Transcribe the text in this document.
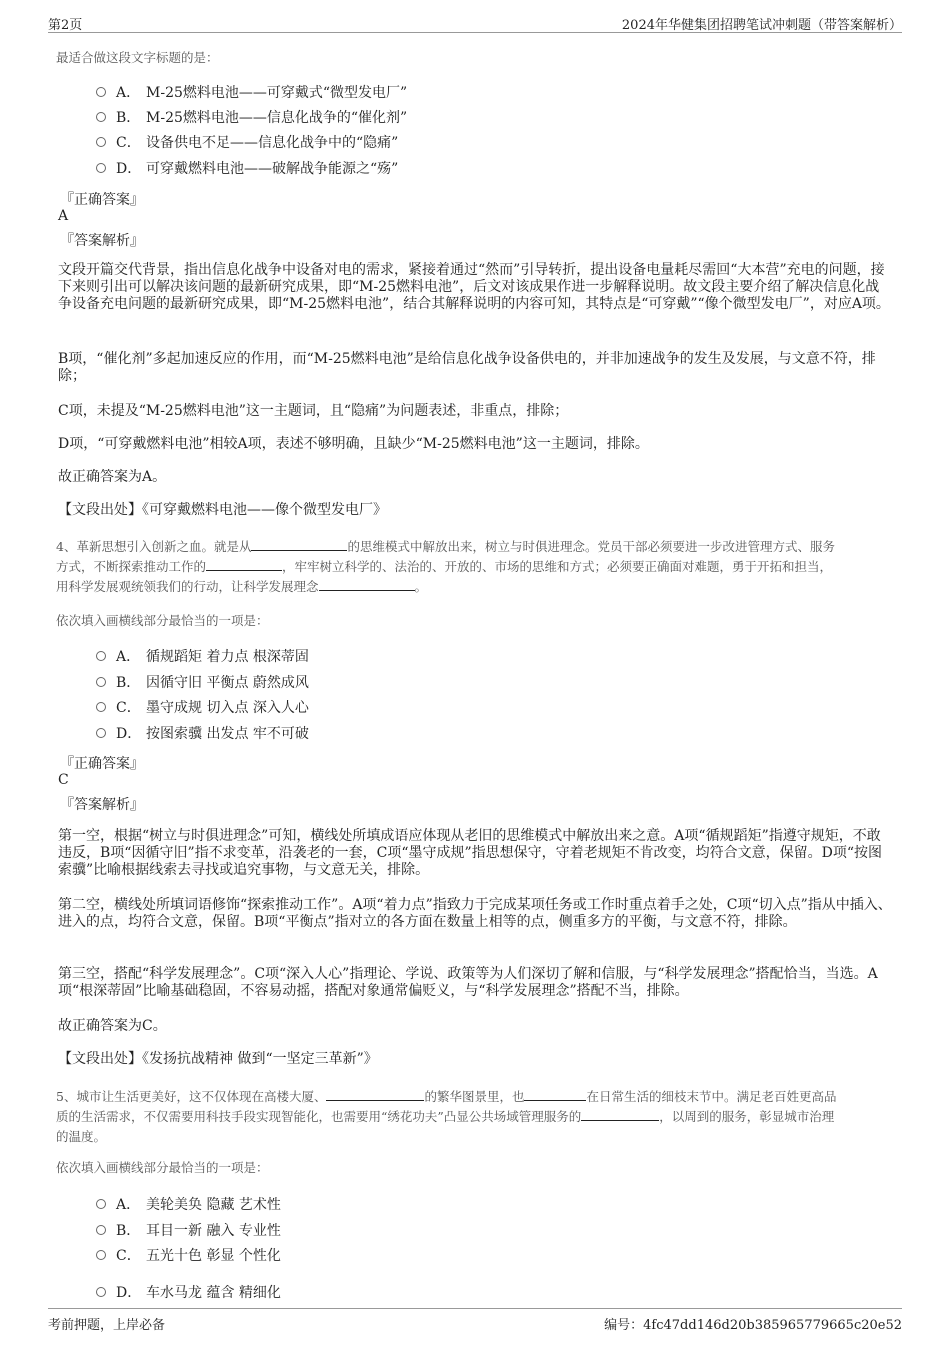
第2页	2024年华健集团招聘笔试冲刺题（带答案解析）
最适合做这段文字标题的是：
A． M-25燃料电池——可穿戴式“微型发电厂”
B． M-25燃料电池——信息化战争的“催化剂”
C． 设备供电不足——信息化战争中的“隐痛”
D． 可穿戴燃料电池——破解战争能源之“殇”
『正确答案』
A
『答案解析』
文段开篇交代背景，指出信息化战争中设备对电的需求，紧接着通过“然而”引导转折，提出设备电量耗尽需回“大本营”充电的问题，接下来则引出可以解决该问题的最新研究成果，即“M-25燃料电池”，后文对该成果作进一步解释说明。故文段主要介绍了解决信息化战争设备充电问题的最新研究成果，即“M-25燃料电池”，结合其解释说明的内容可知，其特点是“可穿戴”“像个微型发电厂”，对应A项。
B项，“催化剂”多起加速反应的作用，而“M-25燃料电池”是给信息化战争设备供电的，并非加速战争的发生及发展，与文意不符，排除；
C项，未提及“M-25燃料电池”这一主题词，且“隐痛”为问题表述，非重点，排除；
D项，“可穿戴燃料电池”相较A项，表述不够明确，且缺少“M-25燃料电池”这一主题词，排除。
故正确答案为A。
【文段出处】《可穿戴燃料电池——像个微型发电厂》
4、革新思想引入创新之血。就是从	的思维模式中解放出来，树立与时俱进理念。党员干部必须要进一步改进管理方式、服务
方式，不断探索推动工作的	，牢牢树立科学的、法治的、开放的、市场的思维和方式；必须要正确面对难题，勇于开拓和担当，
用科学发展观统领我们的行动，让科学发展理念	。
依次填入画横线部分最恰当的一项是：
A． 循规蹈矩 着力点 根深蒂固
B． 因循守旧 平衡点 蔚然成风
C． 墨守成规 切入点 深入人心
D． 按图索骥 出发点 牢不可破
『正确答案』
C
『答案解析』
第一空，根据“树立与时俱进理念”可知，横线处所填成语应体现从老旧的思维模式中解放出来之意。A项“循规蹈矩”指遵守规矩，不敢违反，B项“因循守旧”指不求变革，沿袭老的一套，C项“墨守成规”指思想保守，守着老规矩不肯改变，均符合文意，保留。D项“按图索骥”比喻根据线索去寻找或追究事物，与文意无关，排除。
第二空，横线处所填词语修饰“探索推动工作”。A项“着力点”指致力于完成某项任务或工作时重点着手之处，C项“切入点”指从中插入、进入的点，均符合文意，保留。B项“平衡点”指对立的各方面在数量上相等的点，侧重多方的平衡，与文意不符，排除。
第三空，搭配“科学发展理念”。C项“深入人心”指理论、学说、政策等为人们深切了解和信服，与“科学发展理念”搭配恰当，当选。A项“根深蒂固”比喻基础稳固，不容易动摇，搭配对象通常偏贬义，与“科学发展理念”搭配不当，排除。
故正确答案为C。
【文段出处】《发扬抗战精神 做到“一坚定三革新”》
5、城市让生活更美好，这不仅体现在高楼大厦、	的繁华图景里，也	在日常生活的细枝末节中。满足老百姓更高品
质的生活需求，不仅需要用科技手段实现智能化，也需要用“绣花功夫”凸显公共场域管理服务的	，以周到的服务，彰显城市治理
的温度。
依次填入画横线部分最恰当的一项是：
A． 美轮美奂 隐藏 艺术性
B． 耳目一新 融入 专业性
C． 五光十色 彰显 个性化
D． 车水马龙 蕴含 精细化
考前押题，上岸必备	编号：4fc47dd146d20b385965779665c20e52
